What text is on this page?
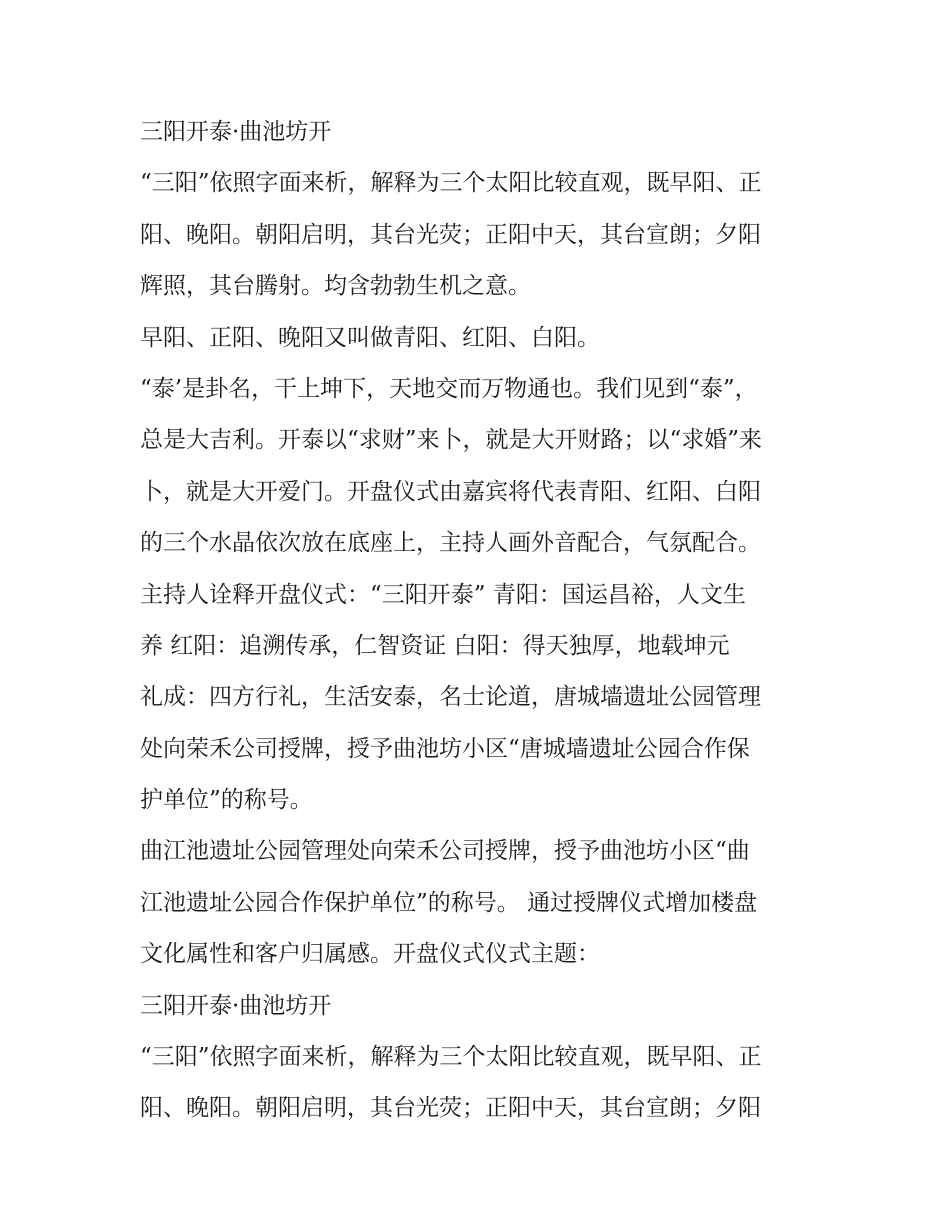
三阳开泰·曲池坊开
“三阳”依照字面来析，解释为三个太阳比较直观，既早阳、正
阳、晚阳。朝阳启明，其台光荧；正阳中天，其台宣朗；夕阳
辉照，其台腾射。均含勃勃生机之意。
早阳、正阳、晚阳又叫做青阳、红阳、白阳。
“泰’是卦名，干上坤下，天地交而万物通也。我们见到“泰”，
总是大吉利。开泰以“求财”来卜，就是大开财路；以“求婚”来
卜，就是大开爱门。开盘仪式由嘉宾将代表青阳、红阳、白阳
的三个水晶依次放在底座上，主持人画外音配合，气氛配合。
主持人诠释开盘仪式：“三阳开泰” 青阳：国运昌裕，人文生
养 红阳：追溯传承，仁智资证 白阳：得天独厚，地载坤元
礼成：四方行礼，生活安泰，名士论道，唐城墙遗址公园管理
处向荣禾公司授牌，授予曲池坊小区“唐城墙遗址公园合作保
护单位”的称号。
曲江池遗址公园管理处向荣禾公司授牌，授予曲池坊小区“曲
江池遗址公园合作保护单位”的称号。 通过授牌仪式增加楼盘
文化属性和客户归属感。开盘仪式仪式主题：
三阳开泰·曲池坊开
“三阳”依照字面来析，解释为三个太阳比较直观，既早阳、正
阳、晚阳。朝阳启明，其台光荧；正阳中天，其台宣朗；夕阳
